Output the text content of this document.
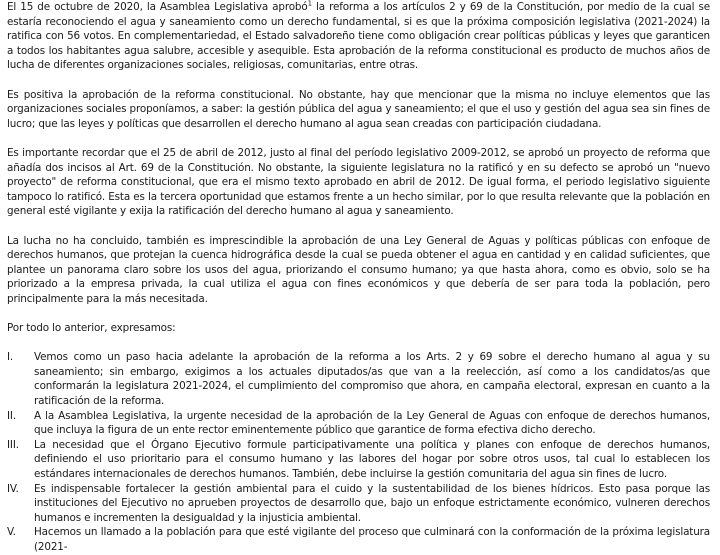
El 15 de octubre de 2020, la Asamblea Legislativa aprobó$^1$ la reforma a los artículos 2 y 69 de la Constitución, por medio de la cual se estaría reconociendo el agua y saneamiento como un derecho fundamental, si es que la próxima composición legislativa (2021-2024) la ratifica con 56 votos. En complementariedad, el Estado salvadoreño tiene como obligación crear políticas públicas y leyes que garanticen a todos los habitantes agua salubre, accesible y asequible. Esta aprobación de la reforma constitucional es producto de muchos años de lucha de diferentes organizaciones sociales, religiosas, comunitarias, entre otras.

Es positiva la aprobación de la reforma constitucional. No obstante, hay que mencionar que la misma no incluye elementos que las organizaciones sociales proponíamos, a saber: la gestión pública del agua y saneamiento; el que el uso y gestión del agua sea sin fines de lucro; que las leyes y políticas que desarrollen el derecho humano al agua sean creadas con participación ciudadana.

Es importante recordar que el 25 de abril de 2012, justo al final del período legislativo 2009-2012, se aprobó un proyecto de reforma que añadía dos incisos al Art. 69 de la Constitución. No obstante, la siguiente legislatura no la ratificó y en su defecto se aprobó un "nuevo proyecto" de reforma constitucional, que era el mismo texto aprobado en abril de 2012. De igual forma, el periodo legislativo siguiente tampoco lo ratificó. Esta es la tercera oportunidad que estamos frente a un hecho similar, por lo que resulta relevante que la población en general esté vigilante y exija la ratificación del derecho humano al agua y saneamiento.

La lucha no ha concluido, también es imprescindible la aprobación de una Ley General de Aguas y políticas públicas con enfoque de derechos humanos, que protejan la cuenca hidrográfica desde la cual se pueda obtener el agua en cantidad y en calidad suficientes, que plantee un panorama claro sobre los usos del agua, priorizando el consumo humano; ya que hasta ahora, como es obvio, solo se ha priorizado a la empresa privada, la cual utiliza el agua con fines económicos y que debería de ser para toda la población, pero principalmente para la más necesitada.

Por todo lo anterior, expresamos:

I.	Vemos como un paso hacia adelante la aprobación de la reforma a los Arts. 2 y 69 sobre el derecho humano al agua y su saneamiento; sin embargo, exigimos a los actuales diputados/as que van a la reelección, así como a los candidatos/as que conformarán la legislatura 2021-2024, el cumplimiento del compromiso que ahora, en campaña electoral, expresan en cuanto a la ratificación de la reforma.
II.	A la Asamblea Legislativa, la urgente necesidad de la aprobación de la Ley General de Aguas con enfoque de derechos humanos, que incluya la figura de un ente rector eminentemente público que garantice de forma efectiva dicho derecho.
III.	La necesidad que el Órgano Ejecutivo formule participativamente una política y planes con enfoque de derechos humanos, definiendo el uso prioritario para el consumo humano y las labores del hogar por sobre otros usos, tal cual lo establecen los estándares internacionales de derechos humanos. También, debe incluirse la gestión comunitaria del agua sin fines de lucro.
IV.	Es indispensable fortalecer la gestión ambiental para el cuido y la sustentabilidad de los bienes hídricos. Esto pasa porque las instituciones del Ejecutivo no aprueben proyectos de desarrollo que, bajo un enfoque estrictamente económico, vulneren derechos humanos e incrementen la desigualdad y la injusticia ambiental.
V.	Hacemos un llamado a la población para que esté vigilante del proceso que culminará con la conformación de la próxima legislatura (2021-
